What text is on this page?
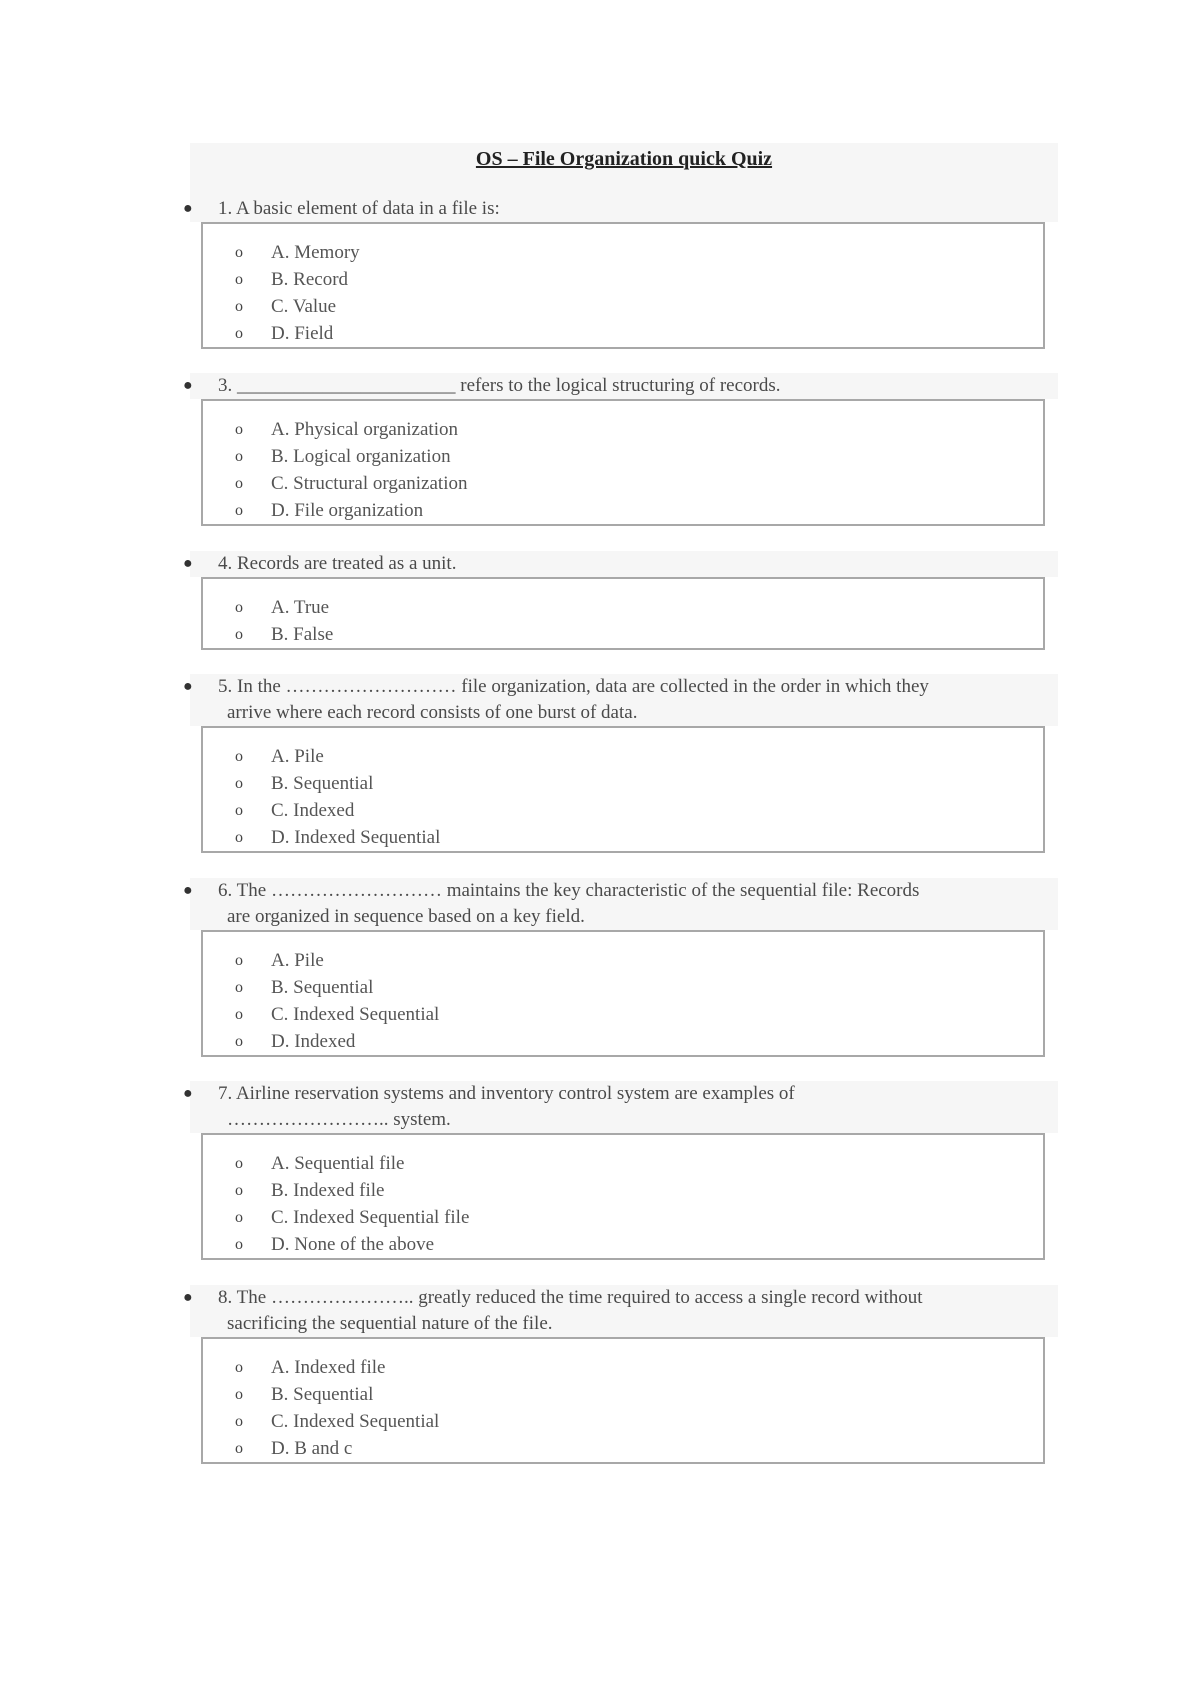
OS – File Organization quick Quiz
● 1. A basic element of data in a file is:
o A. Memory
o B. Record
o C. Value
o D. Field
● 3. _______________________ refers to the logical structuring of records.
o A. Physical organization
o B. Logical organization
o C. Structural organization
o D. File organization
● 4. Records are treated as a unit.
o A. True
o B. False
● 5. In the ……………………… file organization, data are collected in the order in which they
arrive where each record consists of one burst of data.
o A. Pile
o B. Sequential
o C. Indexed
o D. Indexed Sequential
● 6. The ……………………… maintains the key characteristic of the sequential file: Records
are organized in sequence based on a key field.
o A. Pile
o B. Sequential
o C. Indexed Sequential
o D. Indexed
● 7. Airline reservation systems and inventory control system are examples of
…………………….. system.
o A. Sequential file
o B. Indexed file
o C. Indexed Sequential file
o D. None of the above
● 8. The ………………….. greatly reduced the time required to access a single record without
sacrificing the sequential nature of the file.
o A. Indexed file
o B. Sequential
o C. Indexed Sequential
o D. B and c
